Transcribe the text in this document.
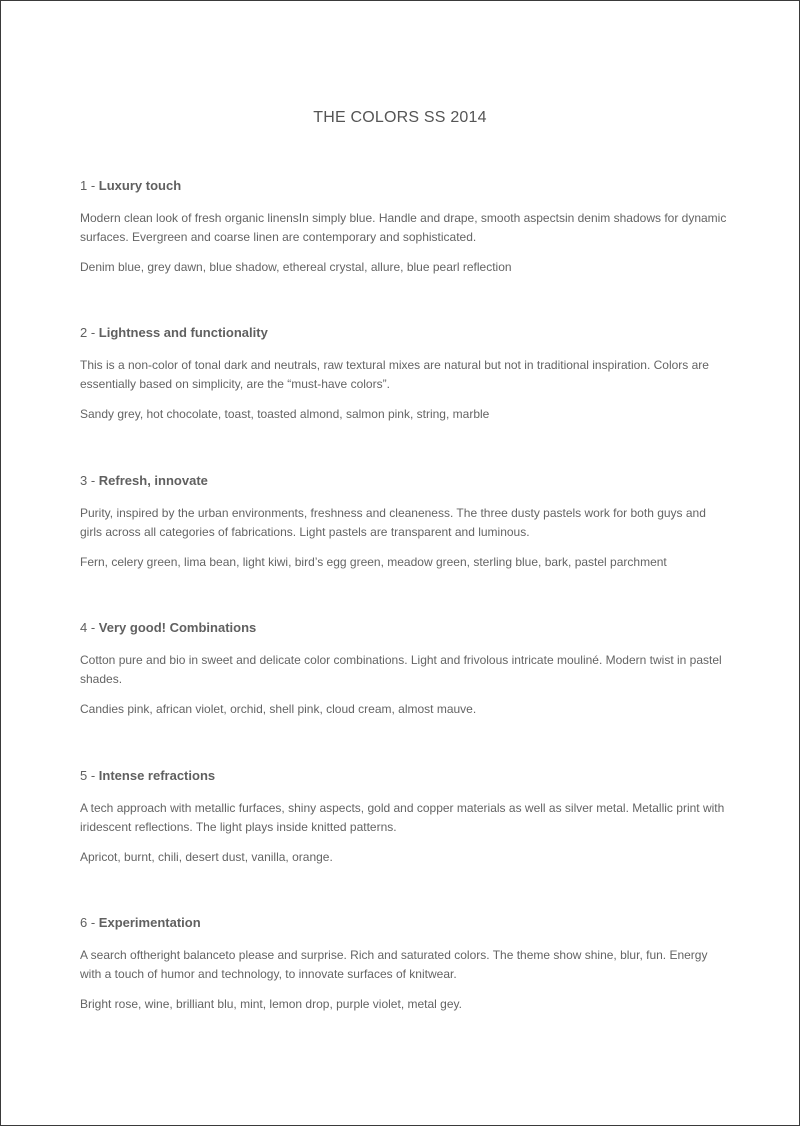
THE COLORS SS 2014
1 - Luxury touch

Modern clean look of fresh organic linensIn simply blue. Handle and drape, smooth aspectsin denim shadows for dynamic surfaces. Evergreen and coarse linen are contemporary and sophisticated.

Denim blue, grey dawn, blue shadow, ethereal crystal, allure, blue pearl reflection

2 - Lightness and functionality

This is a non-color of tonal dark and neutrals, raw textural mixes are natural but not in traditional inspiration. Colors are essentially based on simplicity, are the “must-have colors”.

Sandy grey, hot chocolate, toast, toasted almond, salmon pink, string, marble

3 - Refresh, innovate

Purity, inspired by the urban environments, freshness and cleaneness. The three dusty pastels work for both guys and girls across all categories of fabrications. Light pastels are transparent and luminous.

Fern, celery green, lima bean, light kiwi, bird’s egg green, meadow green, sterling blue, bark, pastel parchment

4 - Very good! Combinations

Cotton pure and bio in sweet and delicate color combinations. Light and frivolous intricate mouliné. Modern twist in pastel shades.

Candies pink, african violet, orchid, shell pink, cloud cream, almost mauve.

5 - Intense refractions

A tech approach with metallic furfaces, shiny aspects, gold and copper materials as well as silver metal. Metallic print with iridescent reflections. The light plays inside knitted patterns.

Apricot, burnt, chili, desert dust, vanilla, orange.

6 - Experimentation

A search oftheright balanceto please and surprise. Rich and saturated colors. The theme show shine, blur, fun. Energy with a touch of humor and technology, to innovate surfaces of knitwear.

Bright rose, wine, brilliant blu, mint, lemon drop, purple violet, metal gey.
